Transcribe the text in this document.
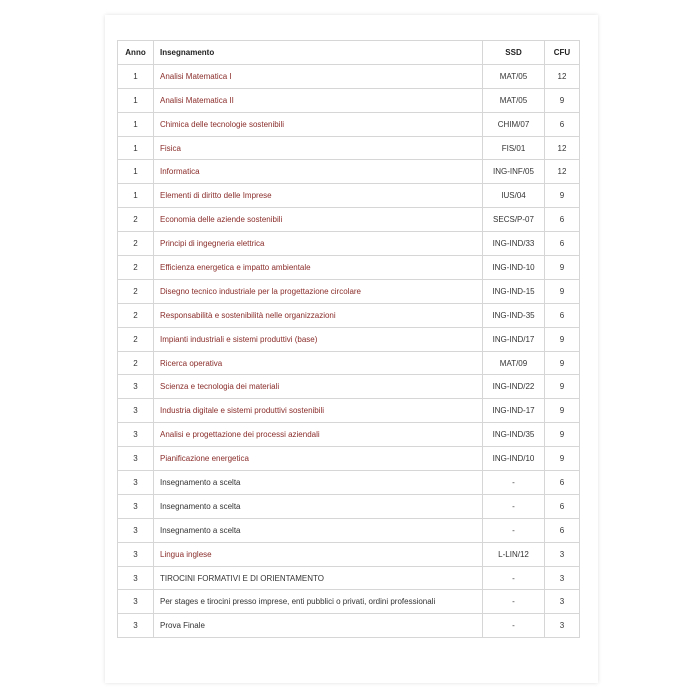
Anno	Insegnamento	SSD	CFU
1	Analisi Matematica I	MAT/05	12
1	Analisi Matematica II	MAT/05	9
1	Chimica delle tecnologie sostenibili	CHIM/07	6
1	Fisica	FIS/01	12
1	Informatica	ING-INF/05	12
1	Elementi di diritto delle Imprese	IUS/04	9
2	Economia delle aziende sostenibili	SECS/P-07	6
2	Principi di ingegneria elettrica	ING-IND/33	6
2	Efficienza energetica e impatto ambientale	ING-IND-10	9
2	Disegno tecnico industriale per la progettazione circolare	ING-IND-15	9
2	Responsabilità e sostenibilità nelle organizzazioni	ING-IND-35	6
2	Impianti industriali e sistemi produttivi (base)	ING-IND/17	9
2	Ricerca operativa	MAT/09	9
3	Scienza e tecnologia dei materiali	ING-IND/22	9
3	Industria digitale e sistemi produttivi sostenibili	ING-IND-17	9
3	Analisi e progettazione dei processi aziendali	ING-IND/35	9
3	Pianificazione energetica	ING-IND/10	9
3	Insegnamento a scelta	-	6
3	Insegnamento a scelta	-	6
3	Insegnamento a scelta	-	6
3	Lingua inglese	L-LIN/12	3
3	TIROCINI FORMATIVI E DI ORIENTAMENTO	-	3
3	Per stages e tirocini presso imprese, enti pubblici o privati, ordini professionali	-	3
3	Prova Finale	-	3
